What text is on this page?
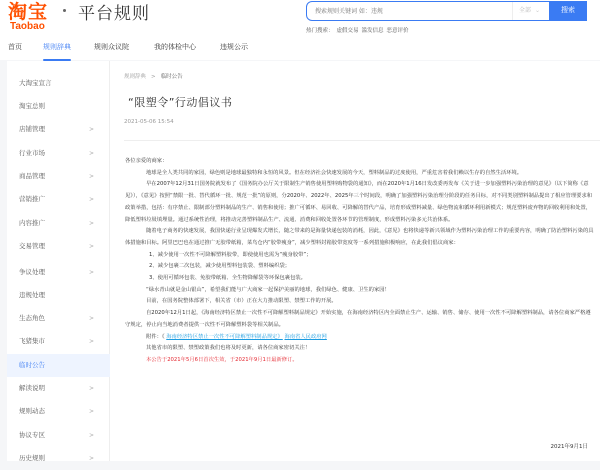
淘宝
Taobao
平台规则
搜索规则关键词 如：违规	全部 ⌄	搜索
热门搜索： 虚假交易 滥发信息 恶意评价
首页	规则辞典	规则众议院	我的体检中心	违规公示
大淘宝宣言
淘宝总则
店铺管理	>
行业市场	>
商品管理	>
营销推广	>
内容推广	>
交易管理	>
争议处理	>
违规处理
生态角色	>
飞猪集市	>
临时公告
解读说明	>
规则动态	>
协议专区	>
历史规则	>
规则辞典 > 临时公告
“限塑令”行动倡议书
2021-05-06 15:54

各位亲爱的商家：

地球是全人类共同的家园，绿色则是地球最独特和永恒的风景。但在经济社会快速发展的今天，塑料制品的过度使用，严重危害着我们赖以生存的自然生活环境。

早在2007年12月31日国务院就发布了《国务院办公厅关于限制生产销售使用塑料购物袋的通知》，而在2020年1月16日发改委再发布《关于进一步加强塑料污染治理的意见》（以下简称《意见》），《意见》按照“禁限一批、替代循环一批、规范一批”的原则，分2020年、2022年、2025年三个时间段，明确了加强塑料污染治理分阶段的任务目标，对不同类别塑料制品提出了相应管理要求和政策举措，包括：有序禁止、限制部分塑料制品的生产、销售和使用；推广可循环、易回收、可降解的替代产品，培育形成塑料减量、绿色物流和循环利用新模式；规范塑料废弃物的回收利用和处置，降低塑料垃圾填埋量。通过系统性治理，将推动完善塑料制品生产、流通、消费和回收处置各环节的管理制度，形成塑料污染多元共治体系。

随着电子商务的快速发展，我国快递行业呈现爆发式增长，随之带来的是海量快递包装的消耗，因此，《意见》也将快递等新兴领域作为塑料污染治理工作的重要内容，明确了防治塑料污染的具体措施和目标。阿里巴巴也在通过推广无胶带纸箱，菜鸟仓内“胶带瘦身”，减少塑料封箱胶带宽度等一系列措施积极响应，在此我们倡议商家：

1、减少使用一次性不可降解塑料胶带，即使使用也需为“瘦身胶带”；

2、减少包裹二次包装，减少使用塑料包装袋、塑料编织袋；

3、使用可循环包装、免胶带纸箱、全生物降解袋等环保包裹包装。

“绿水青山就是金山银山”，希望我们能与广大商家一起保护美丽的地球，我们绿色、健康、卫生的家园！

目前，在国务院整体部署下，相关省（市）正在大力推动限塑、禁塑工作的开展。

自2020年12月1日起，《海南经济特区禁止一次性不可降解塑料制品规定》开始实施，在海南经济特区内全面禁止生产、运输、销售、储存、使用一次性不可降解塑料制品，请各位商家严格遵守规定，停止向当地消费者提供一次性不可降解塑料袋等相关制品。

附件：《 海南经济特区禁止一次性不可降解塑料制品规定》 海南省人民政府网

其他省市的限塑、禁塑政策我们也将及时更新，请各位商家密切关注！

本公告于2021年5月6日首次生效，于2021年9月1日最新修订。

2021年9月1日
